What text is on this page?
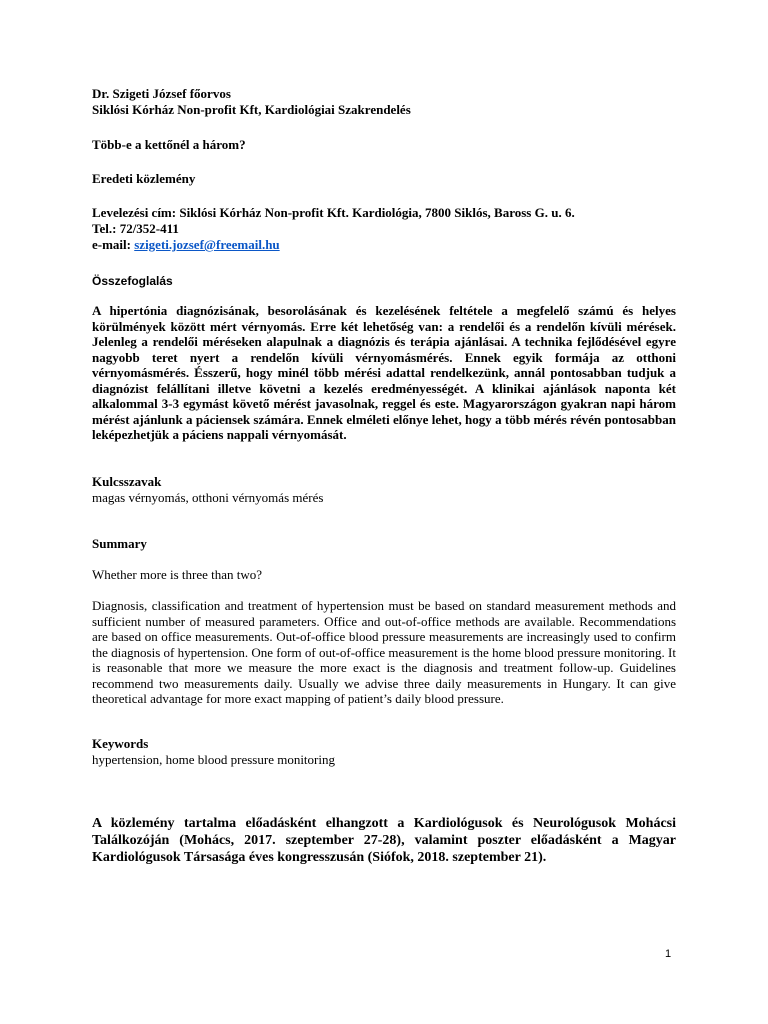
Dr. Szigeti József főorvos
Siklósi Kórház Non-profit Kft, Kardiológiai Szakrendelés
Több-e a kettőnél a három?
Eredeti közlemény
Levelezési cím: Siklósi Kórház Non-profit Kft. Kardiológia, 7800 Siklós, Baross G. u. 6.
Tel.: 72/352-411
e-mail: szigeti.jozsef@freemail.hu
Összefoglalás

A hipertónia diagnózisának, besorolásának és kezelésének feltétele a megfelelő számú és helyes körülmények között mért vérnyomás. Erre két lehetőség van: a rendelői és a rendelőn kívüli mérések. Jelenleg a rendelői méréseken alapulnak a diagnózis és terápia ajánlásai. A technika fejlődésével egyre nagyobb teret nyert a rendelőn kívüli vérnyomásmérés. Ennek egyik formája az otthoni vérnyomásmérés. Ésszerű, hogy minél több mérési adattal rendelkezünk, annál pontosabban tudjuk a diagnózist felállítani illetve követni a kezelés eredményességét. A klinikai ajánlások naponta két alkalommal 3-3 egymást követő mérést javasolnak, reggel és este. Magyarországon gyakran napi három mérést ajánlunk a páciensek számára. Ennek elméleti előnye lehet, hogy a több mérés révén pontosabban leképezhetjük a páciens nappali vérnyomását.

Kulcsszavak
magas vérnyomás, otthoni vérnyomás mérés
Summary
Whether more is three than two?

Diagnosis, classification and treatment of hypertension must be based on standard measurement methods and sufficient number of measured parameters. Office and out-of-office methods are available. Recommendations are based on office measurements. Out-of-office blood pressure measurements are increasingly used to confirm the diagnosis of hypertension. One form of out-of-office measurement is the home blood pressure monitoring. It is reasonable that more we measure the more exact is the diagnosis and treatment follow-up. Guidelines recommend two measurements daily. Usually we advise three daily measurements in Hungary. It can give theoretical advantage for more exact mapping of patient’s daily blood pressure.

Keywords
hypertension, home blood pressure monitoring

A közlemény tartalma előadásként elhangzott a Kardiológusok és Neurológusok Mohácsi Találkozóján (Mohács, 2017. szeptember 27-28), valamint poszter előadásként a Magyar Kardiológusok Társasága éves kongresszusán (Siófok, 2018. szeptember 21).

1
